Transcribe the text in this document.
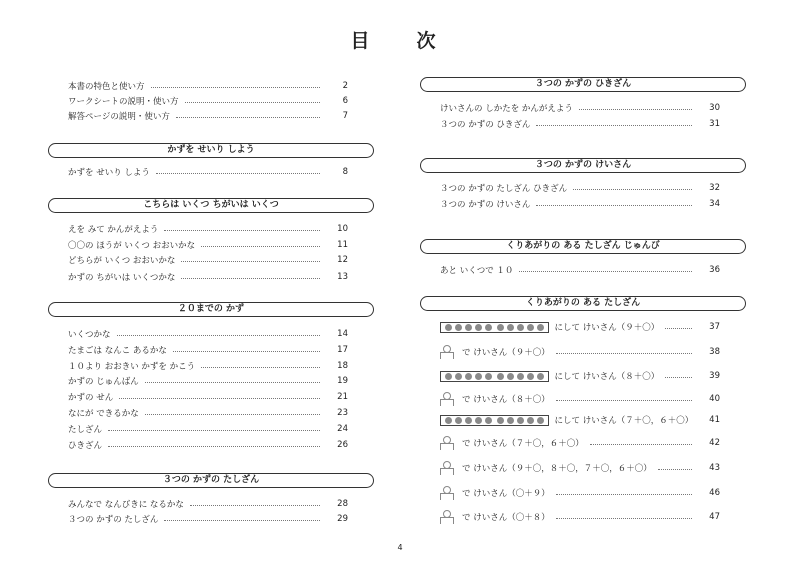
目　次
本書の特色と使い方	2
ワークシートの説明・使い方	6
解答ページの説明・使い方	7
かずを せいり しよう
かずを せいり しよう	8
こちらは いくつ ちがいは いくつ
えを みて かんがえよう	10
〇〇の ほうが いくつ おおいかな	11
どちらが いくつ おおいかな	12
かずの ちがいは いくつかな	13
２０までの かず
いくつかな	14
たまごは なんこ あるかな	17
１０より おおきい かずを かこう	18
かずの じゅんばん	19
かずの せん	21
なにが できるかな	23
たしざん	24
ひきざん	26
３つの かずの たしざん
みんなで なんびきに なるかな	28
３つの かずの たしざん	29
３つの かずの ひきざん
けいさんの しかたを かんがえよう	30
３つの かずの ひきざん	31
３つの かずの けいさん
３つの かずの たしざん ひきざん	32
３つの かずの けいさん	34
くりあがりの ある たしざん じゅんび
あと いくつで １０	36
くりあがりの ある たしざん
にして けいさん（９＋〇）	37
で けいさん（９＋〇）	38
にして けいさん（８＋〇）	39
で けいさん（８＋〇）	40
にして けいさん（７＋〇，６＋〇）	41
で けいさん（７＋〇，６＋〇）	42
で けいさん（９＋〇，８＋〇，７＋〇，６＋〇）	43
で けいさん（〇＋９）	46
で けいさん（〇＋８）	47
4
